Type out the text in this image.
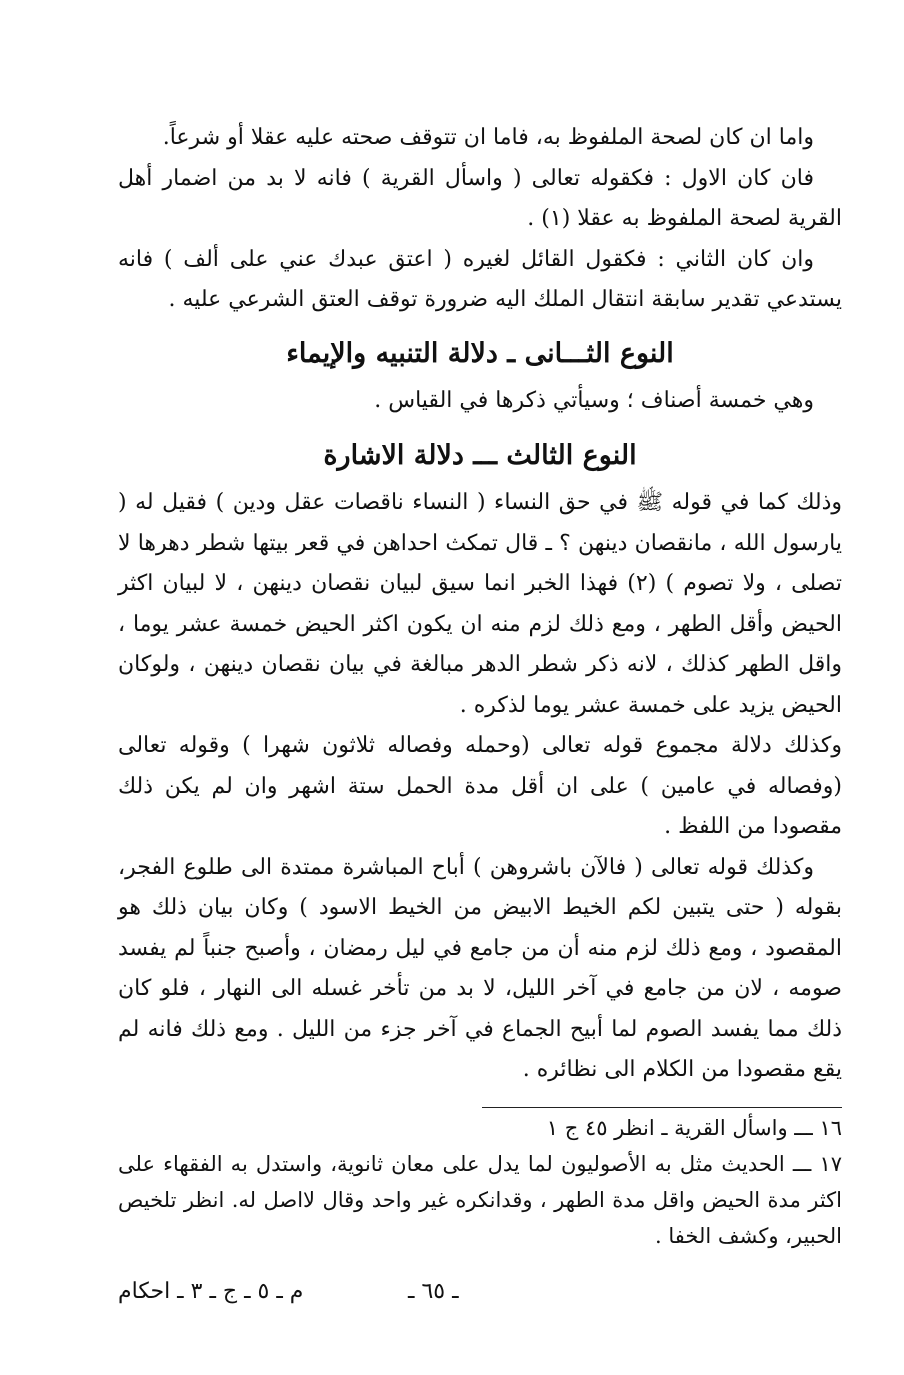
واما ان كان لصحة الملفوظ به، فاما ان تتوقف صحته عليه عقلا أو شرعاً.

فان كان الاول : فكقوله تعالى ( واسأل القرية ) فانه لا بد من اضمار أهل القرية لصحة الملفوظ به عقلا (١) .

وان كان الثاني : فكقول القائل لغيره ( اعتق عبدك عني على ألف ) فانه يستدعي تقدير سابقة انتقال الملك اليه ضرورة توقف العتق الشرعي عليه .

النوع الثـــانى ـ دلالة التنبيه والإيماء

وهي خمسة أصناف ؛ وسيأتي ذكرها في القياس .

النوع الثالث ـــ دلالة الاشارة

وذلك كما في قوله ﷺ في حق النساء ( النساء ناقصات عقل ودين ) فقيل له ( يارسول الله ، مانقصان دينهن ؟ ـ قال تمكث احداهن في قعر بيتها شطر دهرها لا تصلى ، ولا تصوم ) (٢) فهذا الخبر انما سيق لبيان نقصان دينهن ، لا لبيان اكثر الحيض وأقل الطهر ، ومع ذلك لزم منه ان يكون اكثر الحيض خمسة عشر يوما ، واقل الطهر كذلك ، لانه ذكر شطر الدهر مبالغة في بيان نقصان دينهن ، ولوكان الحيض يزيد على خمسة عشر يوما لذكره .

وكذلك دلالة مجموع قوله تعالى (وحمله وفصاله ثلاثون شهرا ) وقوله تعالى (وفصاله في عامين ) على ان أقل مدة الحمل ستة اشهر وان لم يكن ذلك مقصودا من اللفظ .

وكذلك قوله تعالى ( فالآن باشروهن ) أباح المباشرة ممتدة الى طلوع الفجر، بقوله ( حتى يتبين لكم الخيط الابيض من الخيط الاسود ) وكان بيان ذلك هو المقصود ، ومع ذلك لزم منه أن من جامع في ليل رمضان ، وأصبح جنباً لم يفسد صومه ، لان من جامع في آخر الليل، لا بد من تأخر غسله الى النهار ، فلو كان ذلك مما يفسد الصوم لما أبيح الجماع في آخر جزء من الليل . ومع ذلك فانه لم يقع مقصودا من الكلام الى نظائره .

١٦ ـــ واسأل القرية ـ انظر ٤٥ ج ١

١٧ ـــ الحديث مثل به الأصوليون لما يدل على معان ثانوية، واستدل به الفقهاء على اكثر مدة الحيض واقل مدة الطهر ، وقدانكره غير واحد وقال لااصل له. انظر تلخيص الحبير، وكشف الخفا .

ـ ٦٥ ـ
م ـ ٥ ـ ج ـ ٣ ـ احكام
